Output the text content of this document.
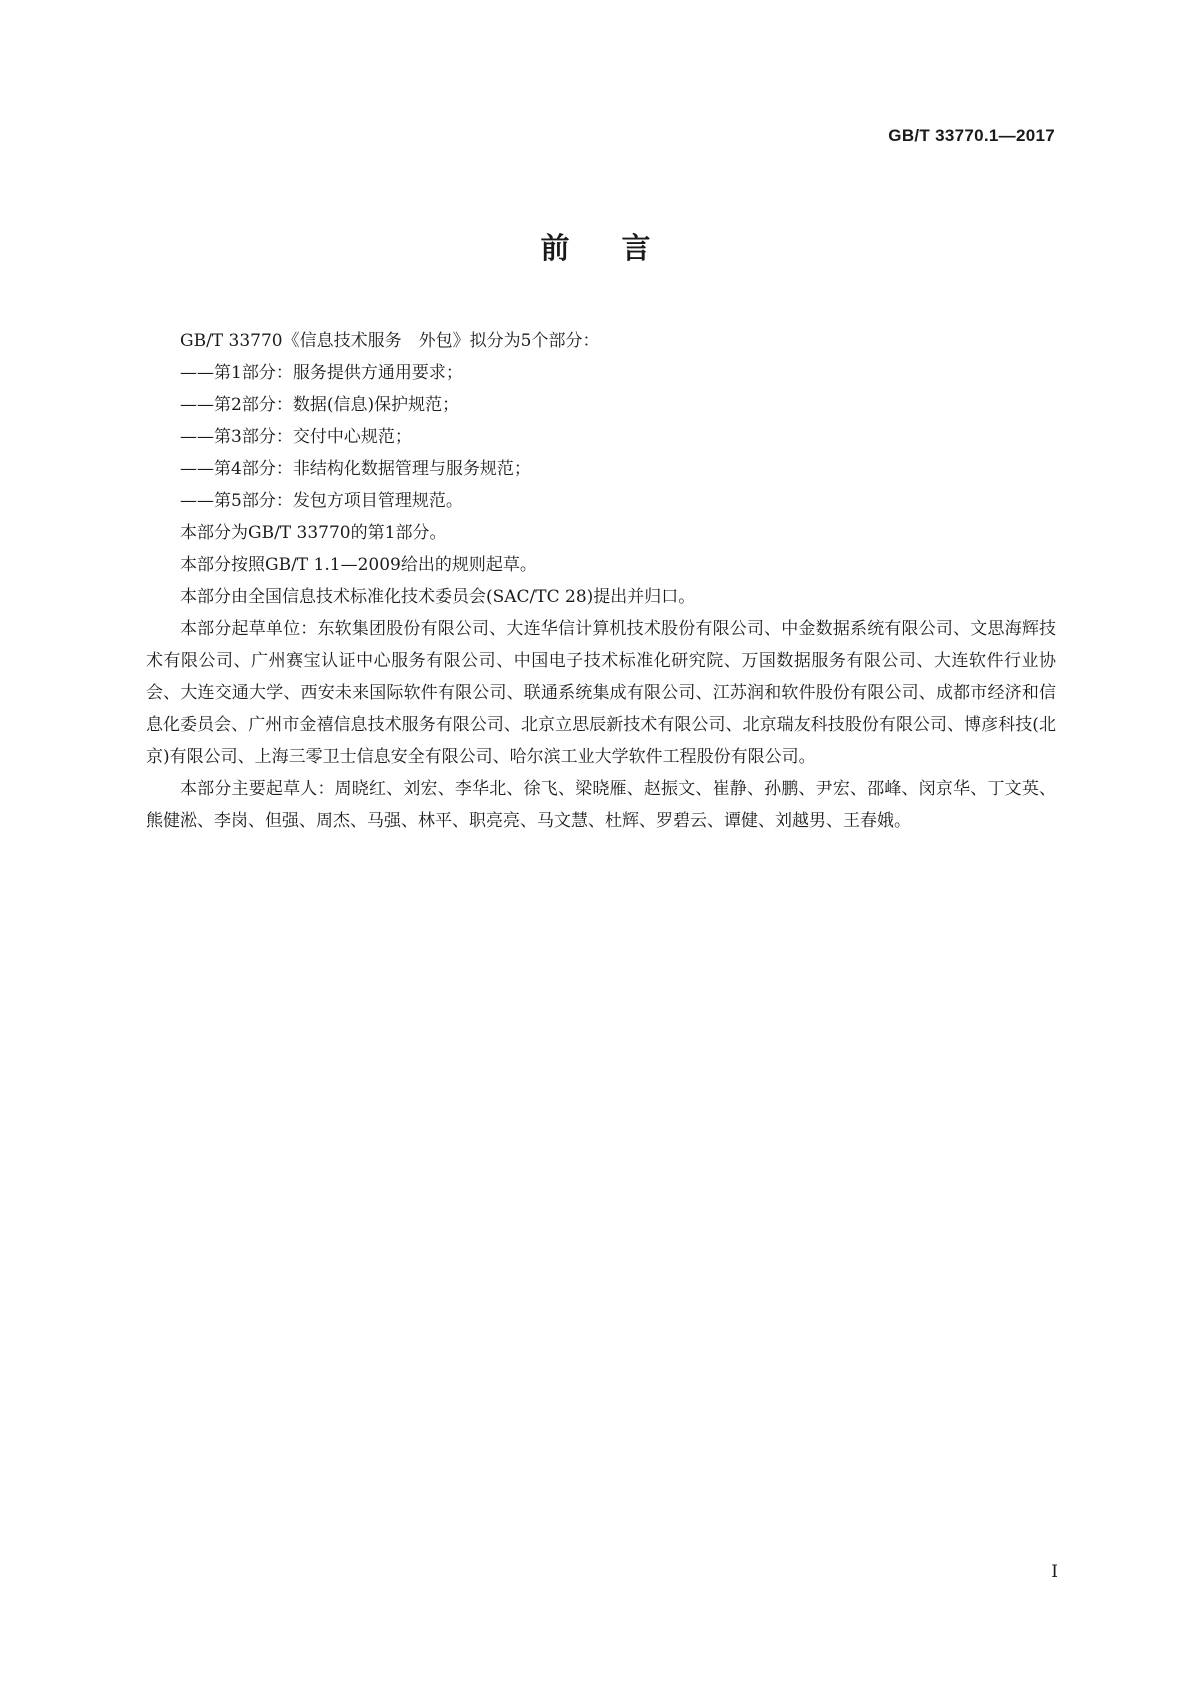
GB/T 33770.1—2017
前言

GB/T 33770《信息技术服务　外包》拟分为5个部分：

——第1部分：服务提供方通用要求；

——第2部分：数据(信息)保护规范；

——第3部分：交付中心规范；

——第4部分：非结构化数据管理与服务规范；

——第5部分：发包方项目管理规范。

本部分为GB/T 33770的第1部分。

本部分按照GB/T 1.1—2009给出的规则起草。

本部分由全国信息技术标准化技术委员会(SAC/TC 28)提出并归口。

本部分起草单位：东软集团股份有限公司、大连华信计算机技术股份有限公司、中金数据系统有限公司、文思海辉技术有限公司、广州赛宝认证中心服务有限公司、中国电子技术标准化研究院、万国数据服务有限公司、大连软件行业协会、大连交通大学、西安未来国际软件有限公司、联通系统集成有限公司、江苏润和软件股份有限公司、成都市经济和信息化委员会、广州市金禧信息技术服务有限公司、北京立思辰新技术有限公司、北京瑞友科技股份有限公司、博彦科技(北京)有限公司、上海三零卫士信息安全有限公司、哈尔滨工业大学软件工程股份有限公司。

本部分主要起草人：周晓红、刘宏、李华北、徐飞、梁晓雁、赵振文、崔静、孙鹏、尹宏、邵峰、闵京华、丁文英、熊健淞、李岗、但强、周杰、马强、林平、职亮亮、马文慧、杜辉、罗碧云、谭健、刘越男、王春娥。

I
